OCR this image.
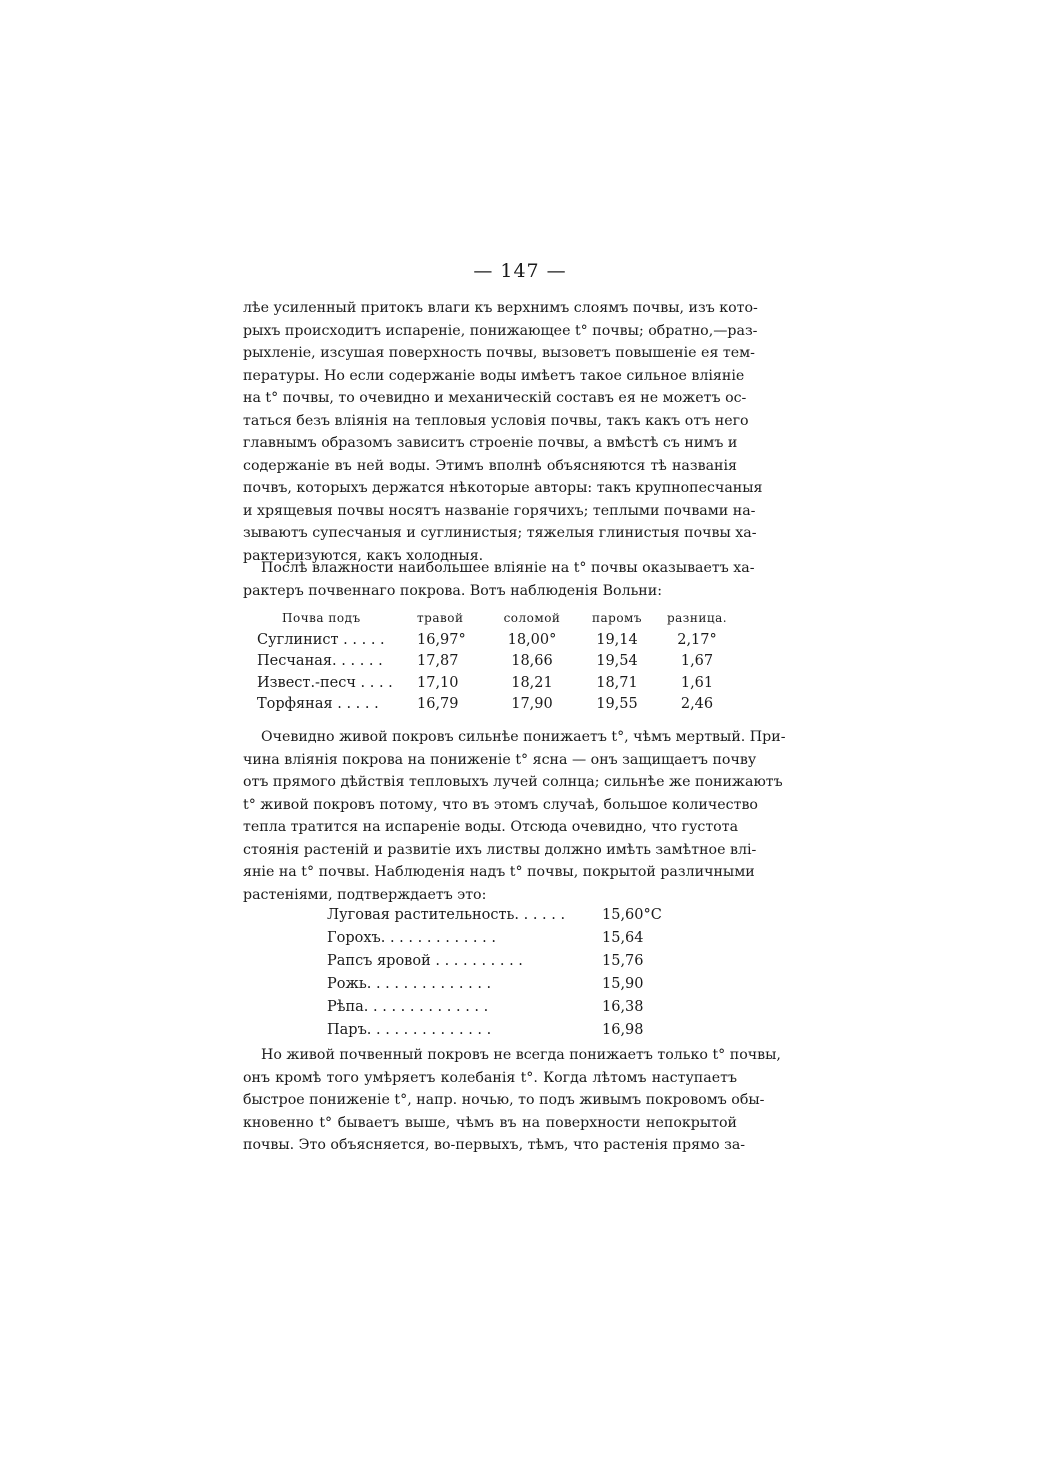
— 147 —
лѣе усиленный притокъ влаги къ верхнимъ слоямъ почвы, изъ кото-
рыхъ происходитъ испареніе, понижающее t° почвы; обратно,—раз-
рыхленіе, изсушая поверхность почвы, вызоветъ повышеніе ея тем-
пературы. Но если содержаніе воды имѣетъ такое сильное вліяніе
на t° почвы, то очевидно и механическій составъ ея не можетъ ос-
таться безъ вліянія на тепловыя условія почвы, такъ какъ отъ него
главнымъ образомъ зависитъ строеніе почвы, а вмѣстѣ съ нимъ и
содержаніе въ ней воды. Этимъ вполнѣ объясняются тѣ названія
почвъ, которыхъ держатся нѣкоторые авторы: такъ крупнопесчаныя
и хрящевыя почвы носятъ названіе горячихъ; теплыми почвами на-
зываютъ супесчаныя и суглинистыя; тяжелыя глинистыя почвы ха-
рактеризуются, какъ холодныя.
Послѣ влажности наибольшее вліяніе на t° почвы оказываетъ ха-
рактеръ почвеннаго покрова. Вотъ наблюденія Вольни:
Почва подъ	травой	соломой	паромъ	разница.
Суглинист . . . . .	16,97°	18,00°	19,14	2,17°
Песчаная. . . . . .	17,87	18,66	19,54	1,67
Извест.-песч . . . .	17,10	18,21	18,71	1,61
Торфяная . . . . .	16,79	17,90	19,55	2,46
Очевидно живой покровъ сильнѣе понижаетъ t°, чѣмъ мертвый. При-
чина вліянія покрова на пониженіе t° ясна — онъ защищаетъ почву
отъ прямого дѣйствія тепловыхъ лучей солнца; сильнѣе же понижаютъ
t° живой покровъ потому, что въ этомъ случаѣ, большое количество
тепла тратится на испареніе воды. Отсюда очевидно, что густота
стоянія растеній и развитіе ихъ листвы должно имѣть замѣтное влі-
яніе на t° почвы. Наблюденія надъ t° почвы, покрытой различными
растеніями, подтверждаетъ это:
Луговая растительность. . . . . .	15,60°C
Горохъ. . . . . . . . . . . . .	15,64
Рапсъ яровой . . . . . . . . . .	15,76
Рожь. . . . . . . . . . . . . .	15,90
Рѣпа. . . . . . . . . . . . . .	16,38
Паръ. . . . . . . . . . . . . .	16,98
Но живой почвенный покровъ не всегда понижаетъ только t° почвы,
онъ кромѣ того умѣряетъ колебанія t°. Когда лѣтомъ наступаетъ
быстрое пониженіе t°, напр. ночью, то подъ живымъ покровомъ обы-
кновенно t° бываетъ выше, чѣмъ въ на поверхности непокрытой
почвы. Это объясняется, во-первыхъ, тѣмъ, что растенія прямо за-
